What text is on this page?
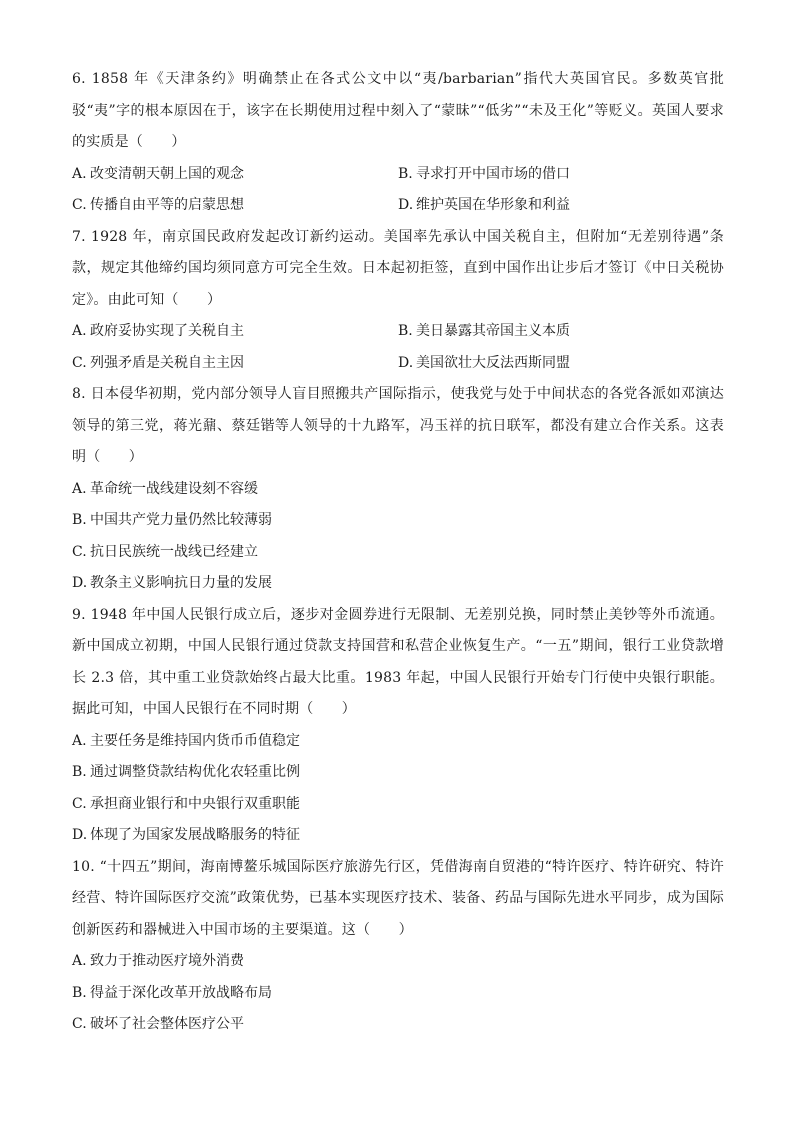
6. 1858 年《天津条约》明确禁止在各式公文中以“夷/barbarian”指代大英国官民。多数英官批驳“夷”字的根本原因在于，该字在长期使用过程中刻入了“蒙昧”“低劣”“未及王化”等贬义。英国人要求的实质是（　　）

A. 改变清朝天朝上国的观念	B. 寻求打开中国市场的借口
C. 传播自由平等的启蒙思想	D. 维护英国在华形象和利益

7. 1928 年，南京国民政府发起改订新约运动。美国率先承认中国关税自主，但附加“无差别待遇”条款，规定其他缔约国均须同意方可完全生效。日本起初拒签，直到中国作出让步后才签订《中日关税协定》。由此可知（　　）

A. 政府妥协实现了关税自主	B. 美日暴露其帝国主义本质
C. 列强矛盾是关税自主主因	D. 美国欲壮大反法西斯同盟

8. 日本侵华初期，党内部分领导人盲目照搬共产国际指示，使我党与处于中间状态的各党各派如邓演达领导的第三党，蒋光鼐、蔡廷锴等人领导的十九路军，冯玉祥的抗日联军，都没有建立合作关系。这表明（　　）

A. 革命统一战线建设刻不容缓
B. 中国共产党力量仍然比较薄弱
C. 抗日民族统一战线已经建立
D. 教条主义影响抗日力量的发展

9. 1948 年中国人民银行成立后，逐步对金圆券进行无限制、无差别兑换，同时禁止美钞等外币流通。新中国成立初期，中国人民银行通过贷款支持国营和私营企业恢复生产。“一五”期间，银行工业贷款增长 2.3 倍，其中重工业贷款始终占最大比重。1983 年起，中国人民银行开始专门行使中央银行职能。据此可知，中国人民银行在不同时期（　　）

A. 主要任务是维持国内货币币值稳定
B. 通过调整贷款结构优化农轻重比例
C. 承担商业银行和中央银行双重职能
D. 体现了为国家发展战略服务的特征

10. “十四五”期间，海南博鳌乐城国际医疗旅游先行区，凭借海南自贸港的“特许医疗、特许研究、特许经营、特许国际医疗交流”政策优势，已基本实现医疗技术、装备、药品与国际先进水平同步，成为国际创新医药和器械进入中国市场的主要渠道。这（　　）

A. 致力于推动医疗境外消费
B. 得益于深化改革开放战略布局
C. 破坏了社会整体医疗公平
